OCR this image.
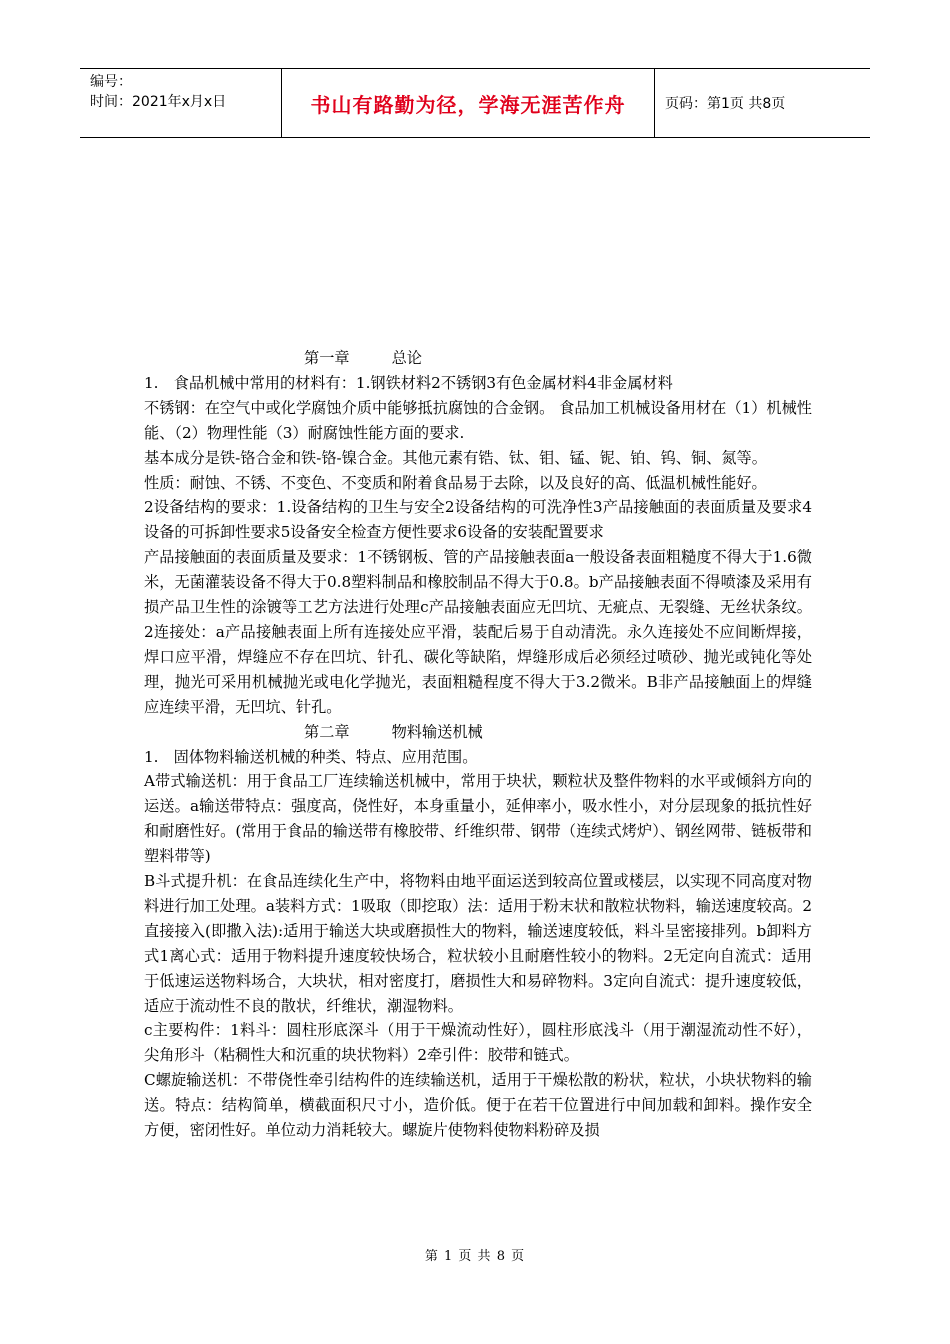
编号：
时间：2021年x月x日	书山有路勤为径，学海无涯苦作舟	页码：第1页 共8页

第一章	总论

1.　食品机械中常用的材料有：1.钢铁材料2不锈钢3有色金属材料4非金属材料

不锈钢：在空气中或化学腐蚀介质中能够抵抗腐蚀的合金钢。 食品加工机械设备用材在（1）机械性能、（2）物理性能（3）耐腐蚀性能方面的要求.

基本成分是铁-铬合金和铁-铬-镍合金。其他元素有锆、钛、钼、锰、铌、铂、钨、铜、氮等。

性质：耐蚀、不锈、不变色、不变质和附着食品易于去除，以及良好的高、低温机械性能好。

2设备结构的要求：1.设备结构的卫生与安全2设备结构的可洗净性3产品接触面的表面质量及要求4设备的可拆卸性要求5设备安全检查方便性要求6设备的安装配置要求

产品接触面的表面质量及要求：1不锈钢板、管的产品接触表面a一般设备表面粗糙度不得大于1.6微米，无菌灌装设备不得大于0.8塑料制品和橡胶制品不得大于0.8。b产品接触表面不得喷漆及采用有损产品卫生性的涂镀等工艺方法进行处理c产品接触表面应无凹坑、无疵点、无裂缝、无丝状条纹。2连接处：a产品接触表面上所有连接处应平滑，装配后易于自动清洗。永久连接处不应间断焊接，焊口应平滑，焊缝应不存在凹坑、针孔、碳化等缺陷，焊缝形成后必须经过喷砂、抛光或钝化等处理，抛光可采用机械抛光或电化学抛光，表面粗糙程度不得大于3.2微米。B非产品接触面上的焊缝应连续平滑，无凹坑、针孔。

第二章	物料输送机械

1.　固体物料输送机械的种类、特点、应用范围。

A带式输送机：用于食品工厂连续输送机械中，常用于块状，颗粒状及整件物料的水平或倾斜方向的运送。a输送带特点：强度高，侥性好，本身重量小，延伸率小，吸水性小，对分层现象的抵抗性好和耐磨性好。(常用于食品的输送带有橡胶带、纤维织带、钢带（连续式烤炉）、钢丝网带、链板带和塑料带等)

B斗式提升机：在食品连续化生产中，将物料由地平面运送到较高位置或楼层，以实现不同高度对物料进行加工处理。a装料方式：1吸取（即挖取）法：适用于粉末状和散粒状物料，输送速度较高。2直接接入(即撒入法):适用于输送大块或磨损性大的物料，输送速度较低，料斗呈密接排列。b卸料方式1离心式：适用于物料提升速度较快场合，粒状较小且耐磨性较小的物料。2无定向自流式：适用于低速运送物料场合，大块状，相对密度打，磨损性大和易碎物料。3定向自流式：提升速度较低，适应于流动性不良的散状，纤维状，潮湿物料。

c主要构件：1料斗：圆柱形底深斗（用于干燥流动性好），圆柱形底浅斗（用于潮湿流动性不好），尖角形斗（粘稠性大和沉重的块状物料）2牵引件：胶带和链式。

C螺旋输送机：不带侥性牵引结构件的连续输送机，适用于干燥松散的粉状，粒状，小块状物料的输送。特点：结构简单，横截面积尺寸小，造价低。便于在若干位置进行中间加载和卸料。操作安全方便，密闭性好。单位动力消耗较大。螺旋片使物料使物料粉碎及损

第 1 页 共 8 页
